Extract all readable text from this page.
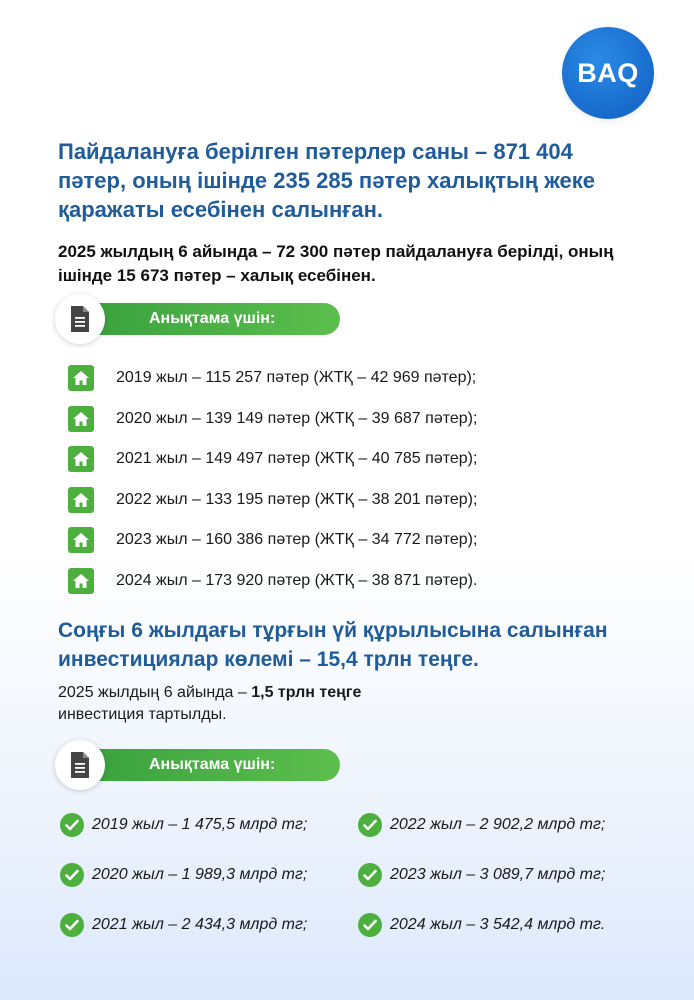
BAQ
Пайдалануға берілген пәтерлер саны – 871 404 пәтер, оның ішінде 235 285 пәтер халықтың жеке қаражаты есебінен салынған.
2025 жылдың 6 айында – 72 300 пәтер пайдалануға берілді, оның ішінде 15 673 пәтер – халық есебінен.
Анықтама үшін:
2019 жыл – 115 257 пәтер (ЖТҚ – 42 969 пәтер);
2020 жыл – 139 149 пәтер (ЖТҚ – 39 687 пәтер);
2021 жыл – 149 497 пәтер (ЖТҚ – 40 785 пәтер);
2022 жыл – 133 195 пәтер (ЖТҚ – 38 201 пәтер);
2023 жыл – 160 386 пәтер (ЖТҚ – 34 772 пәтер);
2024 жыл – 173 920 пәтер (ЖТҚ – 38 871 пәтер).
Соңғы 6 жылдағы тұрғын үй құрылысына салынған инвестициялар көлемі – 15,4 трлн теңге.
2025 жылдың 6 айында – 1,5 трлн теңге
инвестиция тартылды.
Анықтама үшін:
2019 жыл – 1 475,5 млрд тг;
2020 жыл – 1 989,3 млрд тг;
2021 жыл – 2 434,3 млрд тг;
2022 жыл – 2 902,2 млрд тг;
2023 жыл – 3 089,7 млрд тг;
2024 жыл – 3 542,4 млрд тг.
